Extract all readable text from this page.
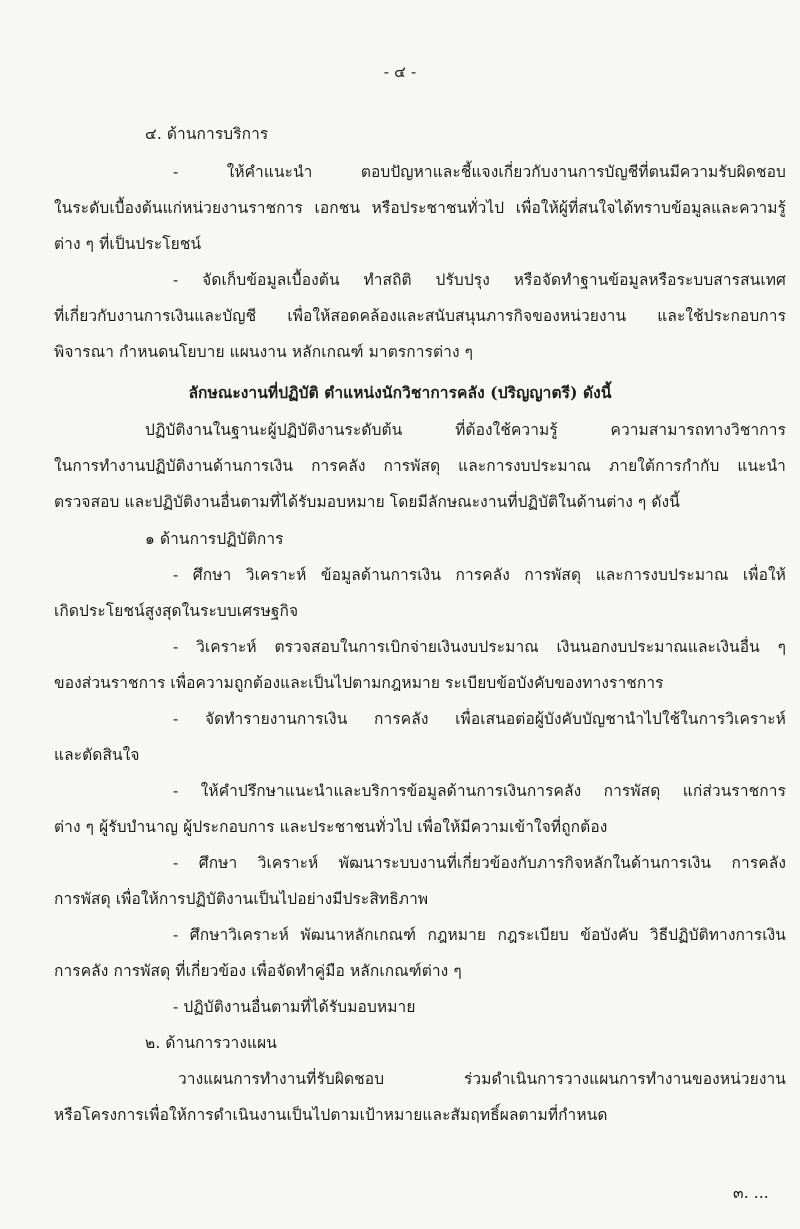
- ๔ -
๔. ด้านการบริการ
- ให้คำแนะนำ ตอบปัญหาและชี้แจงเกี่ยวกับงานการบัญชีที่ตนมีความรับผิดชอบ
ในระดับเบื้องต้นแก่หน่วยงานราชการ เอกชน หรือประชาชนทั่วไป เพื่อให้ผู้ที่สนใจได้ทราบข้อมูลและความรู้
ต่าง ๆ ที่เป็นประโยชน์
- จัดเก็บข้อมูลเบื้องต้น ทำสถิติ ปรับปรุง หรือจัดทำฐานข้อมูลหรือระบบสารสนเทศ
ที่เกี่ยวกับงานการเงินและบัญชี เพื่อให้สอดคล้องและสนับสนุนภารกิจของหน่วยงาน และใช้ประกอบการ
พิจารณา กำหนดนโยบาย แผนงาน หลักเกณฑ์ มาตรการต่าง ๆ
ลักษณะงานที่ปฏิบัติ ตำแหน่งนักวิชาการคลัง (ปริญญาตรี) ดังนี้
ปฏิบัติงานในฐานะผู้ปฏิบัติงานระดับต้น ที่ต้องใช้ความรู้ ความสามารถทางวิชาการ
ในการทำงานปฏิบัติงานด้านการเงิน การคลัง การพัสดุ และการงบประมาณ ภายใต้การกำกับ แนะนำ
ตรวจสอบ และปฏิบัติงานอื่นตามที่ได้รับมอบหมาย โดยมีลักษณะงานที่ปฏิบัติในด้านต่าง ๆ ดังนี้
๑ ด้านการปฏิบัติการ
- ศึกษา วิเคราะห์ ข้อมูลด้านการเงิน การคลัง การพัสดุ และการงบประมาณ เพื่อให้
เกิดประโยชน์สูงสุดในระบบเศรษฐกิจ
- วิเคราะห์ ตรวจสอบในการเบิกจ่ายเงินงบประมาณ เงินนอกงบประมาณและเงินอื่น ๆ
ของส่วนราชการ เพื่อความถูกต้องและเป็นไปตามกฎหมาย ระเบียบข้อบังคับของทางราชการ
- จัดทำรายงานการเงิน การคลัง เพื่อเสนอต่อผู้บังคับบัญชานำไปใช้ในการวิเคราะห์
และตัดสินใจ
- ให้คำปรึกษาแนะนำและบริการข้อมูลด้านการเงินการคลัง การพัสดุ แก่ส่วนราชการ
ต่าง ๆ ผู้รับบำนาญ ผู้ประกอบการ และประชาชนทั่วไป เพื่อให้มีความเข้าใจที่ถูกต้อง
- ศึกษา วิเคราะห์ พัฒนาระบบงานที่เกี่ยวข้องกับภารกิจหลักในด้านการเงิน การคลัง
การพัสดุ เพื่อให้การปฏิบัติงานเป็นไปอย่างมีประสิทธิภาพ
- ศึกษาวิเคราะห์ พัฒนาหลักเกณฑ์ กฎหมาย กฎระเบียบ ข้อบังคับ วิธีปฏิบัติทางการเงิน
การคลัง การพัสดุ ที่เกี่ยวข้อง เพื่อจัดทำคู่มือ หลักเกณฑ์ต่าง ๆ
- ปฏิบัติงานอื่นตามที่ได้รับมอบหมาย
๒. ด้านการวางแผน
วางแผนการทำงานที่รับผิดชอบ ร่วมดำเนินการวางแผนการทำงานของหน่วยงาน
หรือโครงการเพื่อให้การดำเนินงานเป็นไปตามเป้าหมายและสัมฤทธิ์ผลตามที่กำหนด
๓. ...
